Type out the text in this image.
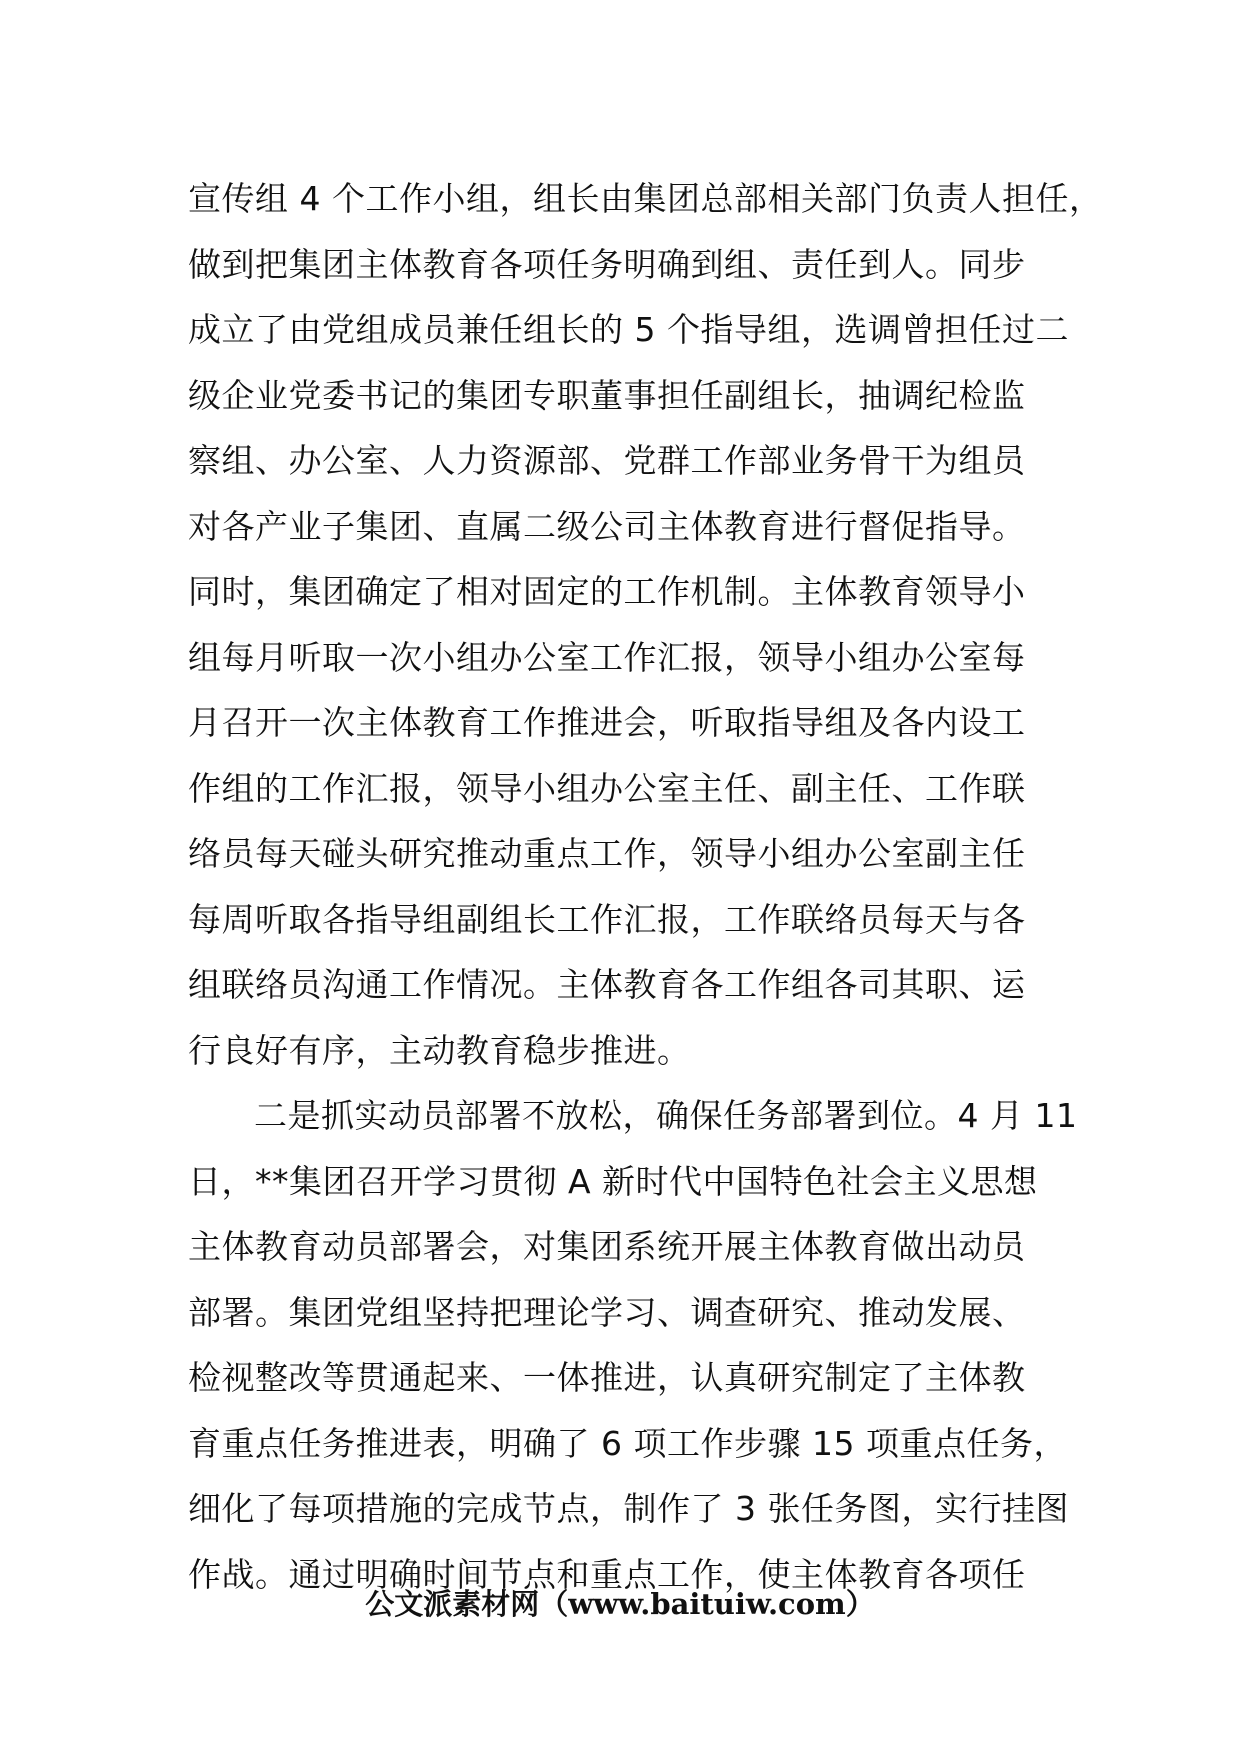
宣传组 4 个工作小组，组长由集团总部相关部门负责人担任，
做到把集团主体教育各项任务明确到组、责任到人。同步
成立了由党组成员兼任组长的 5 个指导组，选调曾担任过二
级企业党委书记的集团专职董事担任副组长，抽调纪检监
察组、办公室、人力资源部、党群工作部业务骨干为组员
对各产业子集团、直属二级公司主体教育进行督促指导。
同时，集团确定了相对固定的工作机制。主体教育领导小
组每月听取一次小组办公室工作汇报，领导小组办公室每
月召开一次主体教育工作推进会，听取指导组及各内设工
作组的工作汇报，领导小组办公室主任、副主任、工作联
络员每天碰头研究推动重点工作，领导小组办公室副主任
每周听取各指导组副组长工作汇报，工作联络员每天与各
组联络员沟通工作情况。主体教育各工作组各司其职、运
行良好有序，主动教育稳步推进。
二是抓实动员部署不放松，确保任务部署到位。4 月 11
日，**集团召开学习贯彻 A 新时代中国特色社会主义思想
主体教育动员部署会，对集团系统开展主体教育做出动员
部署。集团党组坚持把理论学习、调查研究、推动发展、
检视整改等贯通起来、一体推进，认真研究制定了主体教
育重点任务推进表，明确了 6 项工作步骤 15 项重点任务，
细化了每项措施的完成节点，制作了 3 张任务图，实行挂图
作战。通过明确时间节点和重点工作，使主体教育各项任
公文派素材网（www.baituiw.com）
